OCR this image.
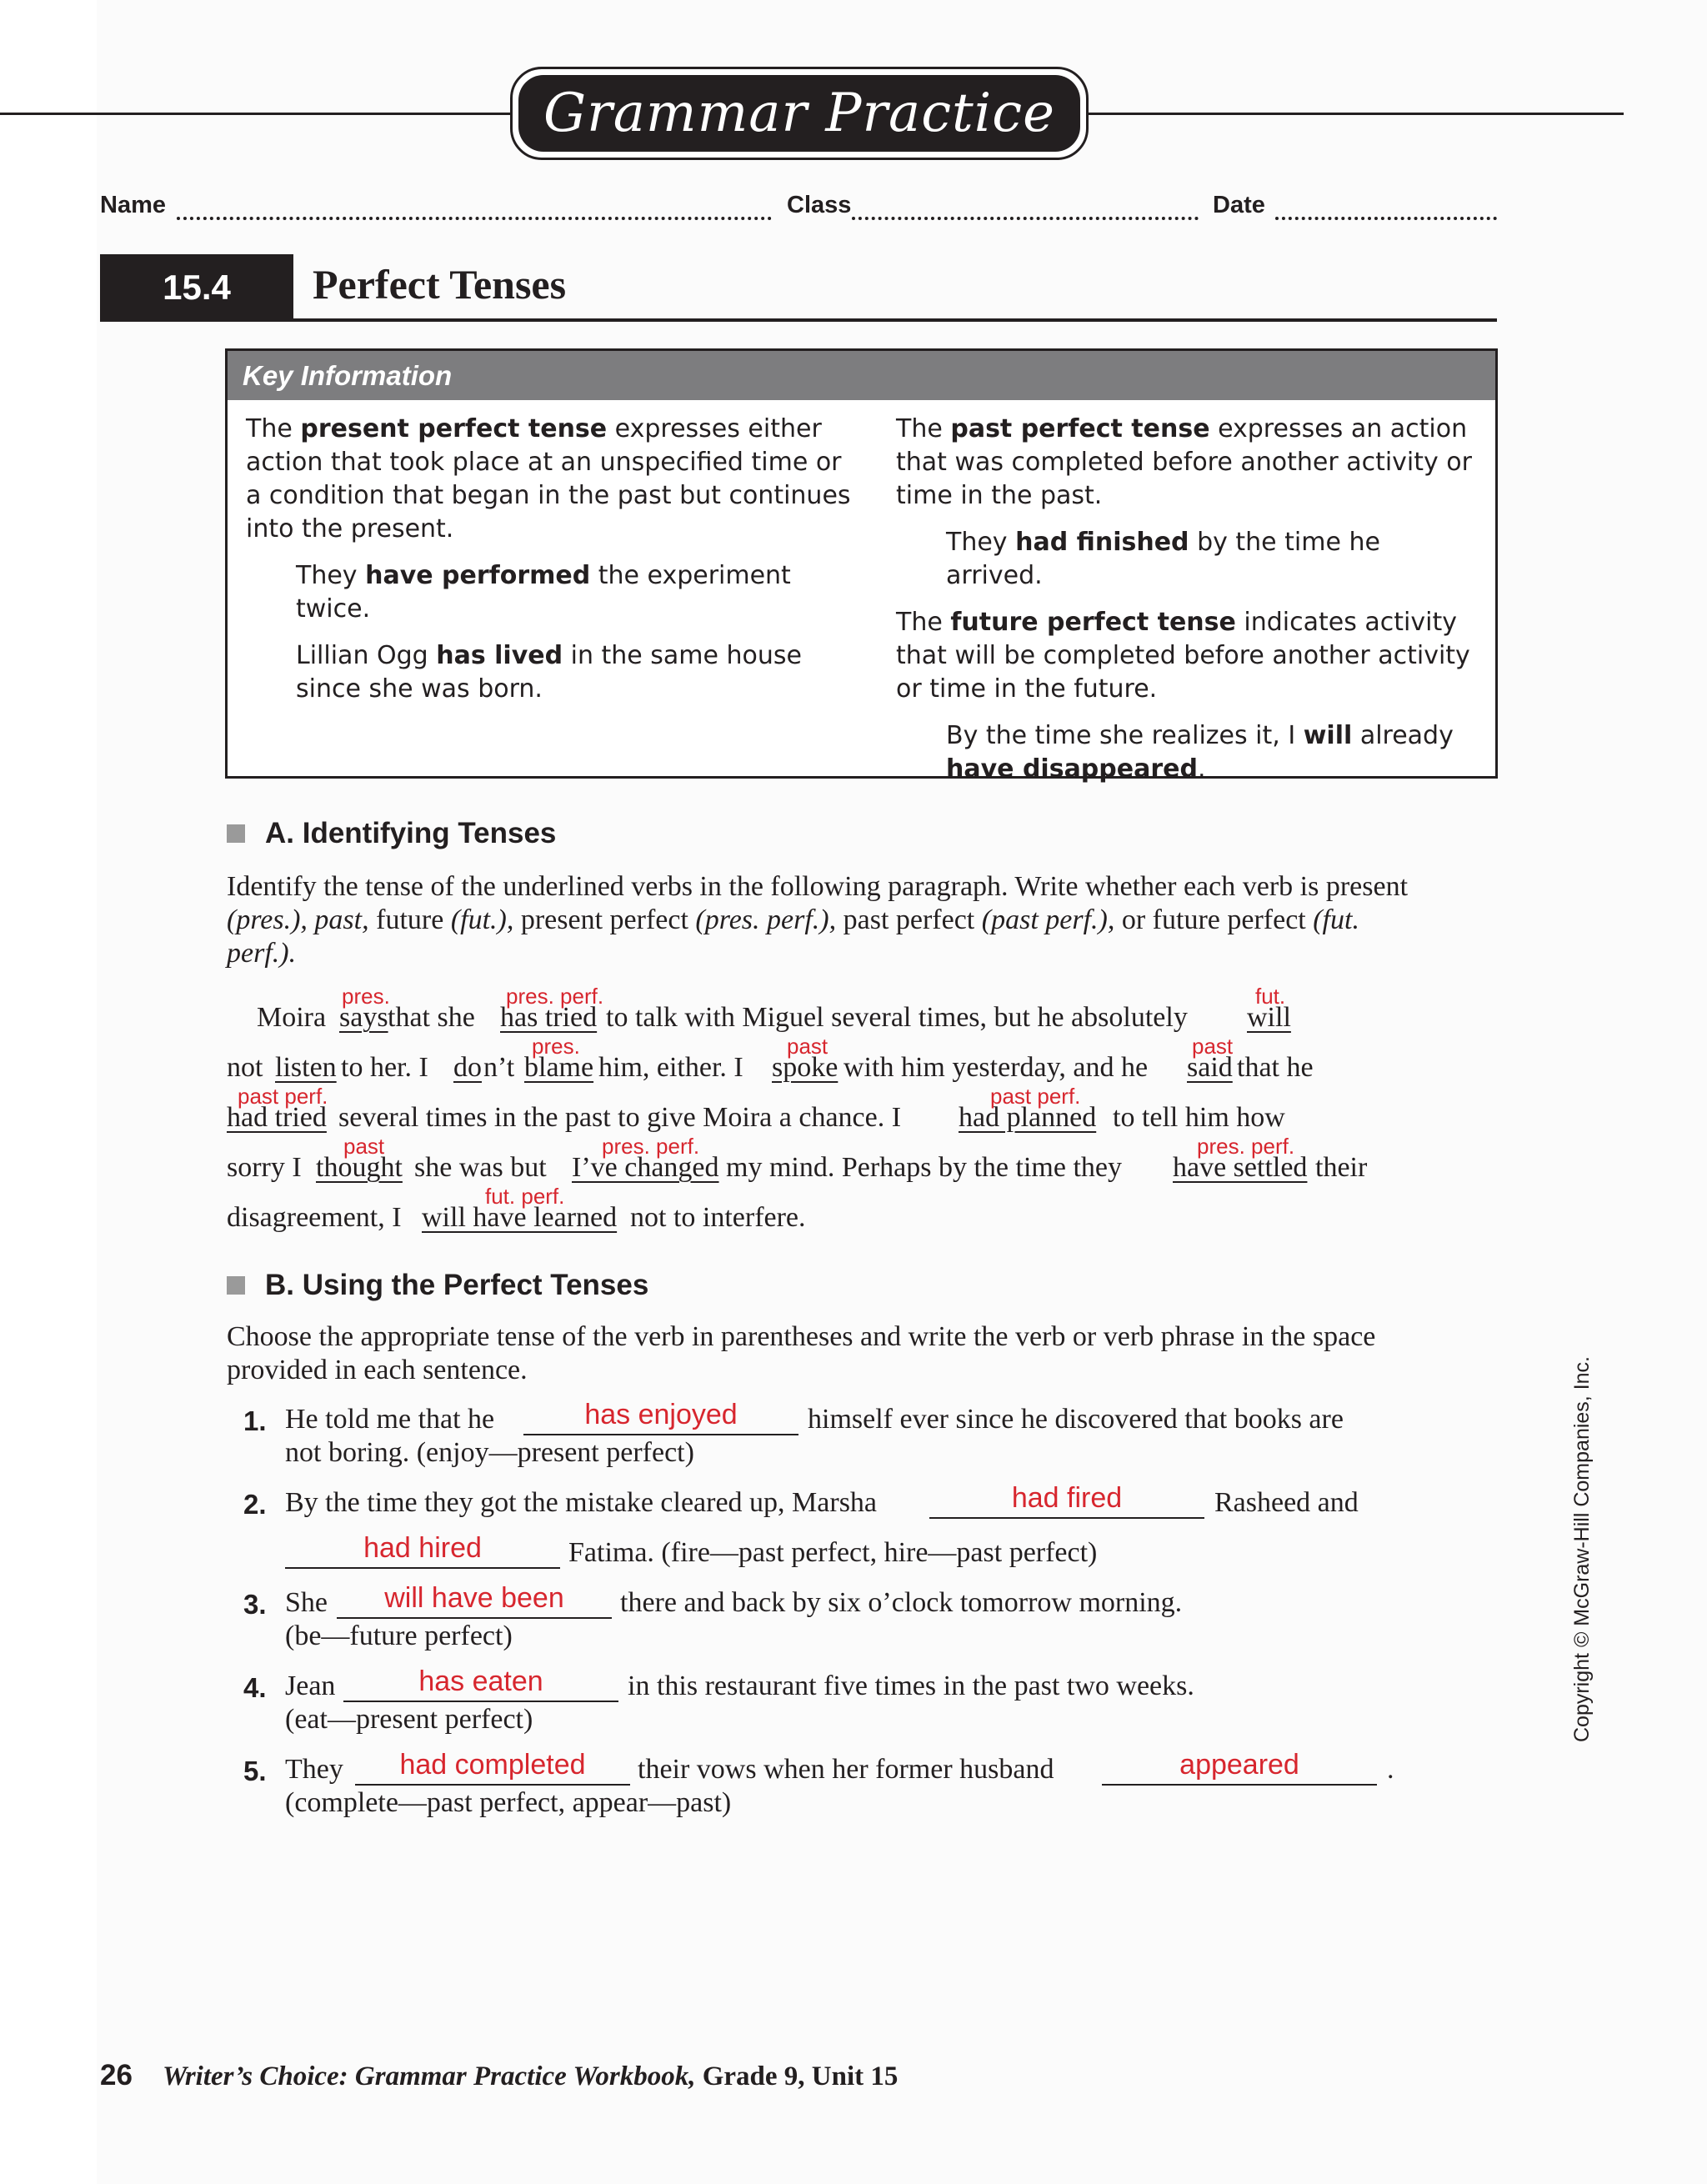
Grammar Practice
Name	Class	Date
15.4	Perfect Tenses
Key Information

The present perfect tense expresses either action that took place at an unspecified time or a condition that began in the past but continues into the present.

They have performed the experiment twice.

Lillian Ogg has lived in the same house since she was born.

The past perfect tense expresses an action that was completed before another activity or time in the past.

They had finished by the time he arrived.

The future perfect tense indicates activity that will be completed before another activity or time in the future.

By the time she realizes it, I will already have disappeared.

A. Identifying Tenses

Identify the tense of the underlined verbs in the following paragraph. Write whether each verb is present (pres.), past, future (fut.), present perfect (pres. perf.), past perfect (past perf.), or future perfect (fut. perf.).

Moira says that she has tried to talk with Miguel several times, but he absolutely will
pres.	pres. perf.	fut.
not listen to her. I do n’t blame him, either. I spoke with him yesterday, and he said that he
pres.	past	past
had tried several times in the past to give Moira a chance. I had planned to tell him how
past perf.	past perf.
sorry I thought she was but I’ve changed my mind. Perhaps by the time they have settled their
past	pres. perf.	pres. perf.
disagreement, I will have learned not to interfere.
fut. perf.
B. Using the Perfect Tenses

Choose the appropriate tense of the verb in parentheses and write the verb or verb phrase in the space provided in each sentence.

1. He told me that he	has enjoyed	himself ever since he discovered that books are
not boring. (enjoy—present perfect)
2. By the time they got the mistake cleared up, Marsha	had fired	Rasheed and
had hired	Fatima. (fire—past perfect, hire—past perfect)
3. She	will have been	there and back by six o’clock tomorrow morning.
(be—future perfect)
4. Jean	has eaten	in this restaurant five times in the past two weeks.
(eat—present perfect)
5. They	had completed	their vows when her former husband	appeared	.
(complete—past perfect, appear—past)
Copyright © McGraw-Hill Companies, Inc.
26 Writer’s Choice: Grammar Practice Workbook, Grade 9, Unit 15
